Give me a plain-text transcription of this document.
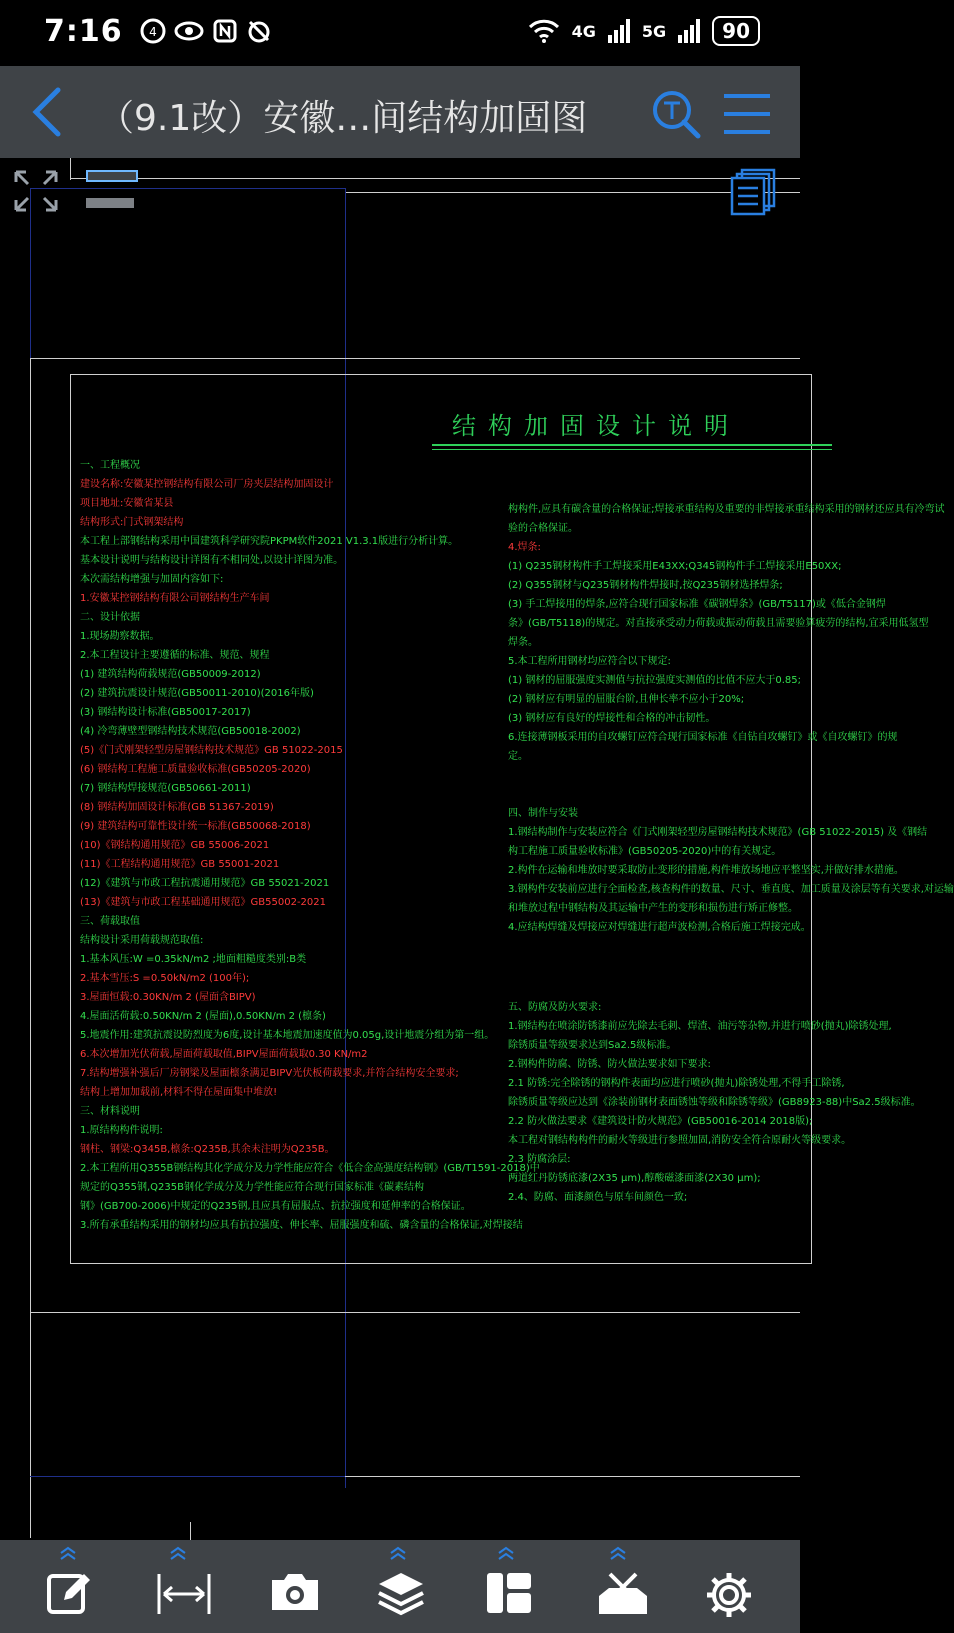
7:16 4	4G	5G	90
（9.1改）安徽…间结构加固图
结构加固设计说明
一、工程概况
建设名称:安徽某控钢结构有限公司厂房夹层结构加固设计
项目地址:安徽省某县
结构形式:门式钢架结构
本工程上部钢结构采用中国建筑科学研究院PKPM软件2021 V1.3.1版进行分析计算。
基本设计说明与结构设计详图有不相同处,以设计详图为准。
本次需结构增强与加固内容如下:
1.安徽某控钢结构有限公司钢结构生产车间
二、设计依据
1.现场勘察数据。
2.本工程设计主要遵循的标准、规范、规程
(1) 建筑结构荷载规范(GB50009-2012)
(2) 建筑抗震设计规范(GB50011-2010)(2016年版)
(3) 钢结构设计标准(GB50017-2017)
(4) 冷弯薄壁型钢结构技术规范(GB50018-2002)
(5)《门式刚架轻型房屋钢结构技术规范》GB 51022-2015
(6) 钢结构工程施工质量验收标准(GB50205-2020)
(7) 钢结构焊接规范(GB50661-2011)
(8) 钢结构加固设计标准(GB 51367-2019)
(9) 建筑结构可靠性设计统一标准(GB50068-2018)
(10)《钢结构通用规范》GB 55006-2021
(11)《工程结构通用规范》GB 55001-2021
(12)《建筑与市政工程抗震通用规范》GB 55021-2021
(13)《建筑与市政工程基础通用规范》GB55002-2021
三、荷载取值
结构设计采用荷载规范取值:
1.基本风压:W =0.35kN/m2 ;地面粗糙度类别:B类
2.基本雪压:S =0.50kN/m2 (100年);
3.屋面恒载:0.30KN/m 2 (屋面含BIPV)
4.屋面活荷载:0.50KN/m 2 (屋面),0.50KN/m 2 (檩条)
5.地震作用:建筑抗震设防烈度为6度,设计基本地震加速度值为0.05g,设计地震分组为第一组。
6.本次增加光伏荷载,屋面荷载取值,BIPV屋面荷载取0.30 KN/m2
7.结构增强补强后厂房钢梁及屋面檩条满足BIPV光伏板荷载要求,并符合结构安全要求;
结构上增加加载前,材料不得在屋面集中堆放!
三、材料说明
1.原结构构件说明:
钢柱、钢梁:Q345B,檩条:Q235B,其余未注明为Q235B。
2.本工程所用Q355B钢结构其化学成分及力学性能应符合《低合金高强度结构钢》(GB/T1591-2018)中
规定的Q355钢,Q235B钢化学成分及力学性能应符合现行国家标准《碳素结构
钢》(GB700-2006)中规定的Q235钢,且应具有屈服点、抗拉强度和延伸率的合格保证。
3.所有承重结构采用的钢材均应具有抗拉强度、伸长率、屈服强度和硫、磷含量的合格保证,对焊接结
构构件,应具有碳含量的合格保证;焊接承重结构及重要的非焊接承重结构采用的钢材还应具有冷弯试
验的合格保证。
4.焊条:
(1) Q235钢材构件手工焊接采用E43XX;Q345钢构件手工焊接采用E50XX;
(2) Q355钢材与Q235钢材构件焊接时,按Q235钢材选择焊条;
(3) 手工焊接用的焊条,应符合现行国家标准《碳钢焊条》(GB/T5117)或《低合金钢焊
条》(GB/T5118)的规定。对直接承受动力荷载或振动荷载且需要验算疲劳的结构,宜采用低氢型
焊条。
5.本工程所用钢材均应符合以下规定:
(1) 钢材的屈服强度实测值与抗拉强度实测值的比值不应大于0.85;
(2) 钢材应有明显的屈服台阶,且伸长率不应小于20%;
(3) 钢材应有良好的焊接性和合格的冲击韧性。
6.连接薄钢板采用的自攻螺钉应符合现行国家标准《自钻自攻螺钉》或《自攻螺钉》的规
定。
四、制作与安装
1.钢结构制作与安装应符合《门式刚架轻型房屋钢结构技术规范》(GB 51022-2015) 及《钢结
构工程施工质量验收标准》(GB50205-2020)中的有关规定。
2.构件在运输和堆放时要采取防止变形的措施,构件堆放场地应平整坚实,并做好排水措施。
3.钢构件安装前应进行全面检查,核查构件的数量、尺寸、垂直度、加工质量及涂层等有关要求,对运输
和堆放过程中钢结构及其运输中产生的变形和损伤进行矫正修整。
4.应结构焊缝及焊接应对焊缝进行超声波检测,合格后施工焊接完成。
五、防腐及防火要求:
1.钢结构在喷涂防锈漆前应先除去毛刺、焊渣、油污等杂物,并进行喷砂(抛丸)除锈处理,
除锈质量等级要求达到Sa2.5级标准。
2.钢构件防腐、防锈、防火做法要求如下要求:
2.1 防锈:完全除锈的钢构件表面均应进行喷砂(抛丸)除锈处理,不得手工除锈,
除锈质量等级应达到《涂装前钢材表面锈蚀等级和除锈等级》(GB8923-88)中Sa2.5级标准。
2.2 防火做法要求《建筑设计防火规范》(GB50016-2014 2018版);
本工程对钢结构构件的耐火等级进行参照加固,消防安全符合原耐火等级要求。
2.3 防腐涂层:
两道红丹防锈底漆(2X35 μm),醇酸磁漆面漆(2X30 μm);
2.4、防腐、面漆颜色与原车间颜色一致;
